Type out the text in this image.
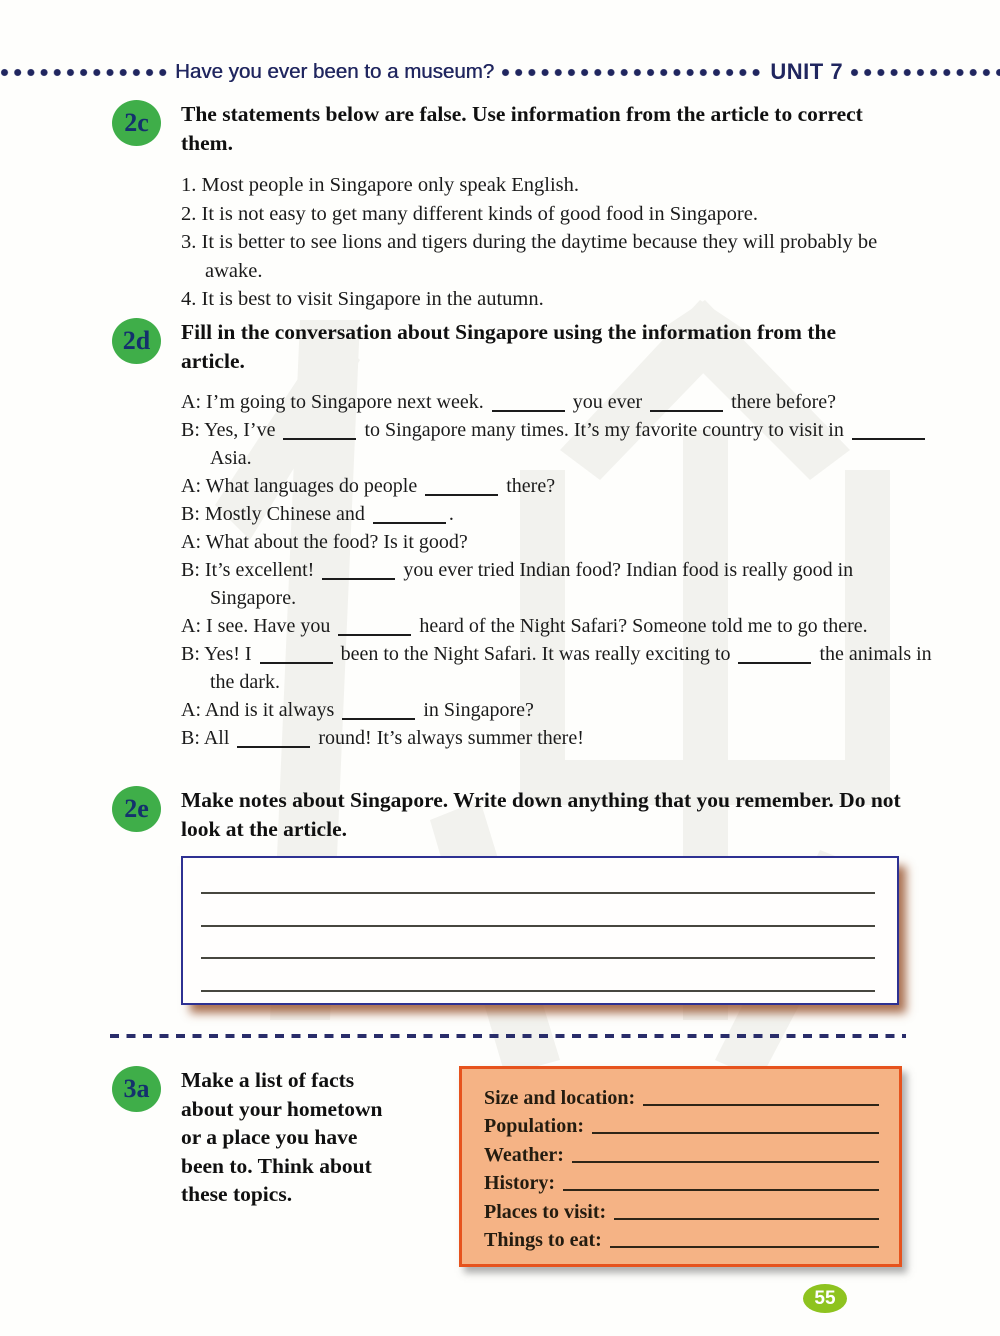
Have you ever been to a museum?	UNIT 7
2c	The statements below are false. Use information from the article to correct them.
1. Most people in Singapore only speak English.
2. It is not easy to get many different kinds of good food in Singapore.
3. It is better to see lions and tigers during the daytime because they will probably be awake.
4. It is best to visit Singapore in the autumn.
2d	Fill in the conversation about Singapore using the information from the article.
A: I’m going to Singapore next week.	you ever	there before?
B: Yes, I’ve	to Singapore many times. It’s my favorite country to visit in  Asia.
A: What languages do people	there?
B: Mostly Chinese and	.
A: What about the food? Is it good?
B: It’s excellent!	you ever tried Indian food? Indian food is really good in Singapore.
A: I see. Have you	heard of the Night Safari? Someone told me to go there.
B: Yes! I	been to the Night Safari. It was really exciting to	the animals in the dark.
A: And is it always	in Singapore?
B: All	round! It’s always summer there!
2e	Make notes about Singapore. Write down anything that you remember. Do not look at the article.
3a	Make a list of facts
about your hometown
or a place you have
been to. Think about
these topics.
Size and location:
Population:
Weather:
History:
Places to visit:
Things to eat:
55
